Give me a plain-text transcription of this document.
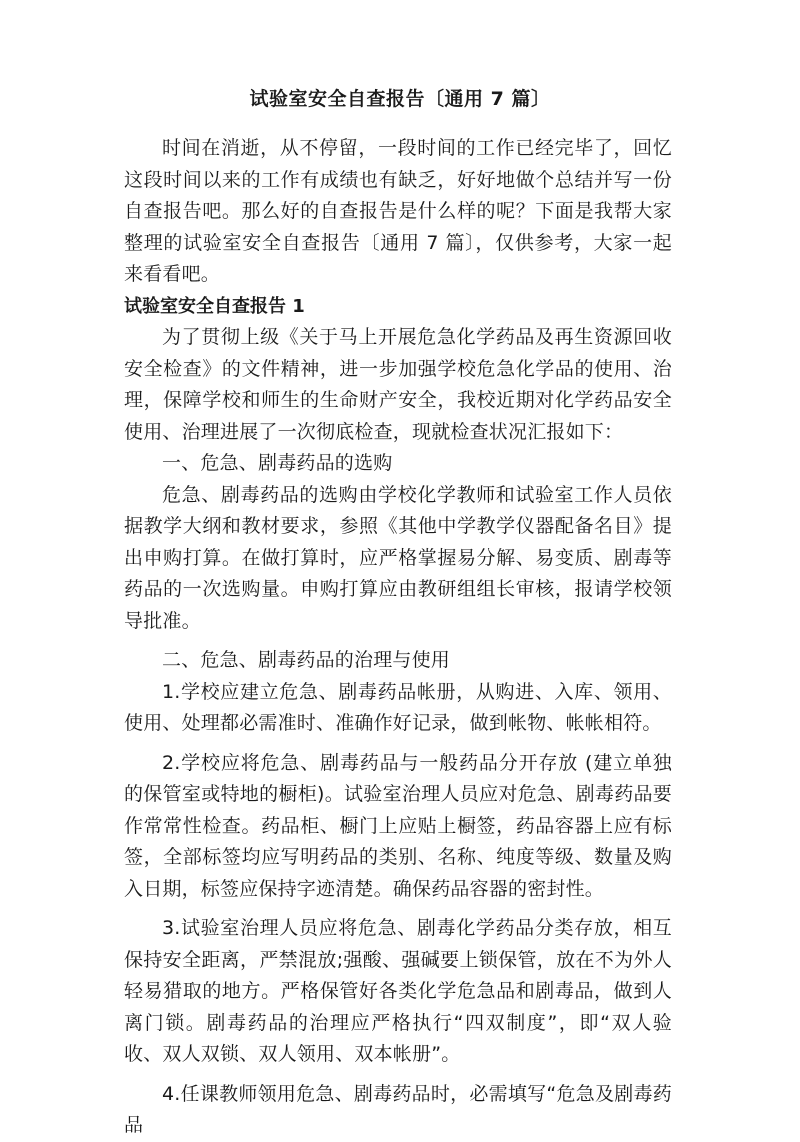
试验室安全自查报告〔通用 7 篇〕

时间在消逝，从不停留，一段时间的工作已经完毕了，回忆这段时间以来的工作有成绩也有缺乏，好好地做个总结并写一份自查报告吧。那么好的自查报告是什么样的呢？下面是我帮大家整理的试验室安全自查报告〔通用 7 篇〕，仅供参考，大家一起来看看吧。

试验室安全自查报告 1

为了贯彻上级《关于马上开展危急化学药品及再生资源回收安全检查》的文件精神，进一步加强学校危急化学品的使用、治理，保障学校和师生的生命财产安全，我校近期对化学药品安全使用、治理进展了一次彻底检查，现就检查状况汇报如下：

一、危急、剧毒药品的选购

危急、剧毒药品的选购由学校化学教师和试验室工作人员依据教学大纲和教材要求，参照《其他中学教学仪器配备名目》提出申购打算。在做打算时，应严格掌握易分解、易变质、剧毒等药品的一次选购量。申购打算应由教研组组长审核，报请学校领导批准。

二、危急、剧毒药品的治理与使用

1.学校应建立危急、剧毒药品帐册，从购进、入库、领用、使用、处理都必需准时、准确作好记录，做到帐物、帐帐相符。

2.学校应将危急、剧毒药品与一般药品分开存放 (建立单独的保管室或特地的橱柜)。试验室治理人员应对危急、剧毒药品要作常常性检查。药品柜、橱门上应贴上橱签，药品容器上应有标签，全部标签均应写明药品的类别、名称、纯度等级、数量及购入日期，标签应保持字迹清楚。确保药品容器的密封性。

3.试验室治理人员应将危急、剧毒化学药品分类存放，相互保持安全距离，严禁混放;强酸、强碱要上锁保管，放在不为外人轻易猎取的地方。严格保管好各类化学危急品和剧毒品，做到人离门锁。剧毒药品的治理应严格执行“四双制度”，即“双人验收、双人双锁、双人领用、双本帐册”。

4.任课教师领用危急、剧毒药品时，必需填写“危急及剧毒药品
